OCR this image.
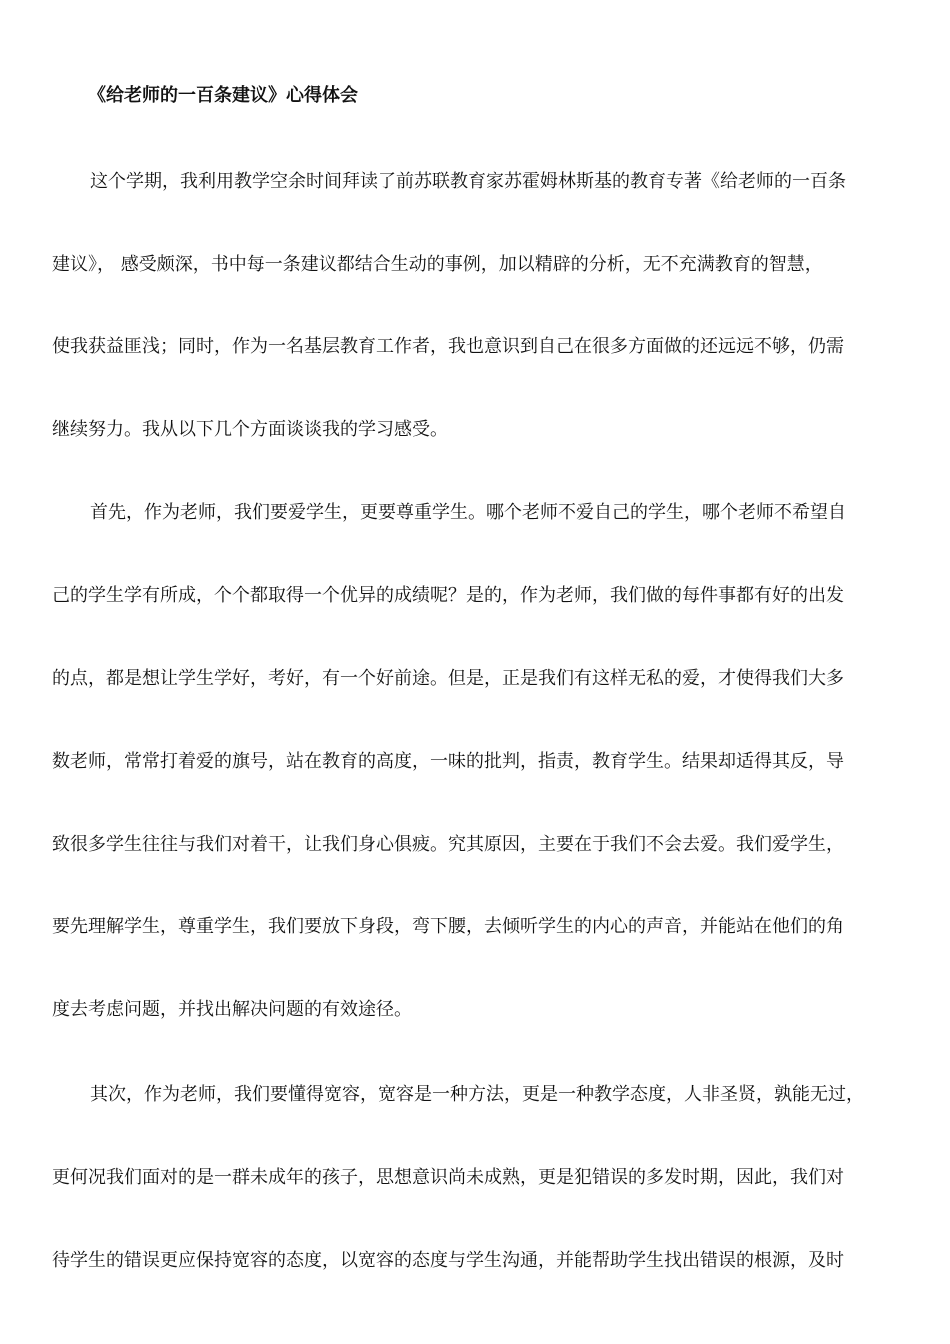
《给老师的一百条建议》心得体会
这个学期，我利用教学空余时间拜读了前苏联教育家苏霍姆林斯基的教育专著《给老师的一百条
建议》， 感受颇深，书中每一条建议都结合生动的事例，加以精辟的分析，无不充满教育的智慧，
使我获益匪浅；同时，作为一名基层教育工作者，我也意识到自己在很多方面做的还远远不够，仍需
继续努力。我从以下几个方面谈谈我的学习感受。
首先，作为老师，我们要爱学生，更要尊重学生。哪个老师不爱自己的学生，哪个老师不希望自
己的学生学有所成，个个都取得一个优异的成绩呢？是的，作为老师，我们做的每件事都有好的出发
的点，都是想让学生学好，考好，有一个好前途。但是，正是我们有这样无私的爱，才使得我们大多
数老师，常常打着爱的旗号，站在教育的高度，一味的批判，指责，教育学生。结果却适得其反，导
致很多学生往往与我们对着干，让我们身心俱疲。究其原因，主要在于我们不会去爱。我们爱学生，
要先理解学生，尊重学生，我们要放下身段，弯下腰，去倾听学生的内心的声音，并能站在他们的角
度去考虑问题，并找出解决问题的有效途径。
其次，作为老师，我们要懂得宽容，宽容是一种方法，更是一种教学态度，人非圣贤，孰能无过，
更何况我们面对的是一群未成年的孩子，思想意识尚未成熟，更是犯错误的多发时期，因此，我们对
待学生的错误更应保持宽容的态度，以宽容的态度与学生沟通，并能帮助学生找出错误的根源，及时
